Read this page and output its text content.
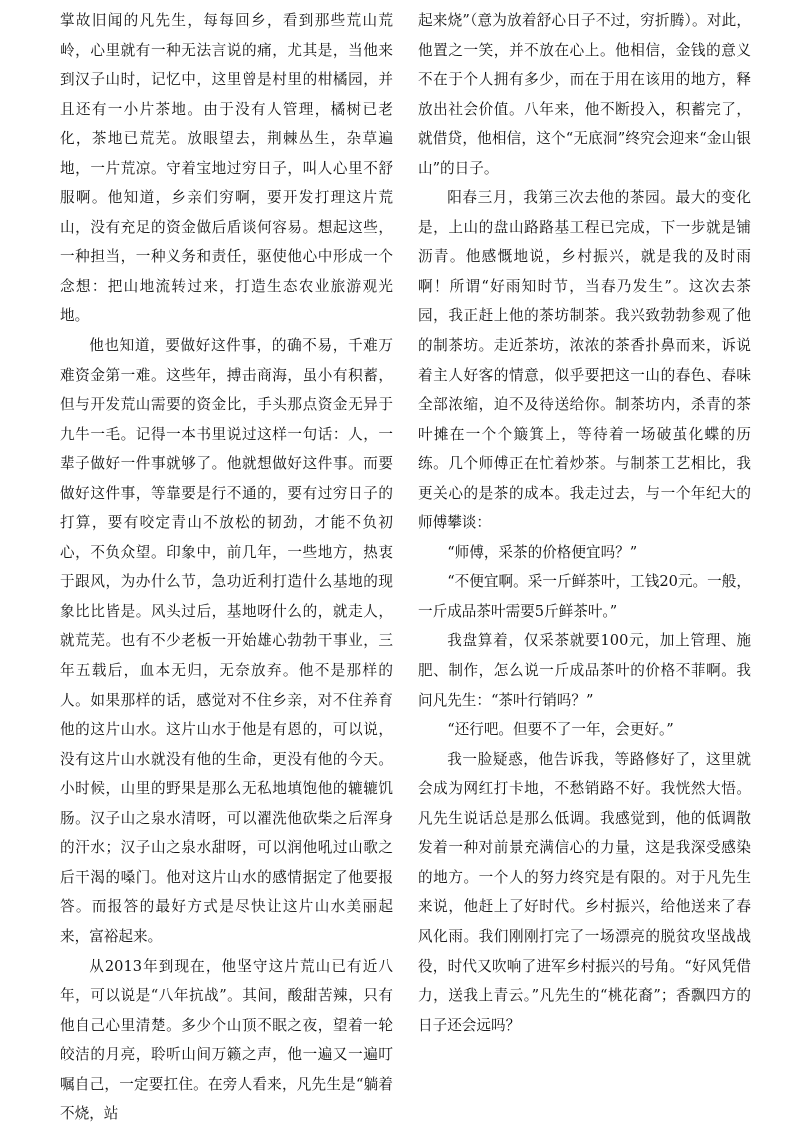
掌故旧闻的凡先生，每每回乡，看到那些荒山荒岭，心里就有一种无法言说的痛，尤其是，当他来到汉子山时，记忆中，这里曾是村里的柑橘园，并且还有一小片茶地。由于没有人管理，橘树已老化，茶地已荒芜。放眼望去，荆棘丛生，杂草遍地，一片荒凉。守着宝地过穷日子，叫人心里不舒服啊。他知道，乡亲们穷啊，要开发打理这片荒山，没有充足的资金做后盾谈何容易。想起这些，一种担当，一种义务和责任，驱使他心中形成一个念想：把山地流转过来，打造生态农业旅游观光地。

他也知道，要做好这件事，的确不易，千难万难资金第一难。这些年，搏击商海，虽小有积蓄，但与开发荒山需要的资金比，手头那点资金无异于九牛一毛。记得一本书里说过这样一句话：人，一辈子做好一件事就够了。他就想做好这件事。而要做好这件事，等靠要是行不通的，要有过穷日子的打算，要有咬定青山不放松的韧劲，才能不负初心，不负众望。印象中，前几年，一些地方，热衷于跟风，为办什么节，急功近利打造什么基地的现象比比皆是。风头过后，基地呀什么的，就走人，就荒芜。也有不少老板一开始雄心勃勃干事业，三年五载后，血本无归，无奈放弃。他不是那样的人。如果那样的话，感觉对不住乡亲，对不住养育他的这片山水。这片山水于他是有恩的，可以说，没有这片山水就没有他的生命，更没有他的今天。小时候，山里的野果是那么无私地填饱他的辘辘饥肠。汉子山之泉水清呀，可以濯洗他砍柴之后浑身的汗水；汉子山之泉水甜呀，可以润他吼过山歌之后干渴的嗓门。他对这片山水的感情据定了他要报答。而报答的最好方式是尽快让这片山水美丽起来，富裕起来。

从2013年到现在，他坚守这片荒山已有近八年，可以说是“八年抗战”。其间，酸甜苦辣，只有他自己心里清楚。多少个山顶不眠之夜，望着一轮皎洁的月亮，聆听山间万籁之声，他一遍又一遍叮嘱自己，一定要扛住。在旁人看来，凡先生是“躺着不烧，站

起来烧”（意为放着舒心日子不过，穷折腾）。对此，他置之一笑，并不放在心上。他相信，金钱的意义不在于个人拥有多少，而在于用在该用的地方，释放出社会价值。八年来，他不断投入，积蓄完了，就借贷，他相信，这个“无底洞”终究会迎来“金山银山”的日子。

阳春三月，我第三次去他的茶园。最大的变化是，上山的盘山路路基工程已完成，下一步就是铺沥青。他感慨地说，乡村振兴，就是我的及时雨啊！所谓“好雨知时节，当春乃发生”。这次去茶园，我正赶上他的茶坊制茶。我兴致勃勃参观了他的制茶坊。走近茶坊，浓浓的茶香扑鼻而来，诉说着主人好客的情意，似乎要把这一山的春色、春味全部浓缩，迫不及待送给你。制茶坊内，杀青的茶叶摊在一个个簸箕上，等待着一场破茧化蝶的历练。几个师傅正在忙着炒茶。与制茶工艺相比，我更关心的是茶的成本。我走过去，与一个年纪大的师傅攀谈：

“师傅，采茶的价格便宜吗？”

“不便宜啊。采一斤鲜茶叶，工钱20元。一般，一斤成品茶叶需要5斤鲜茶叶。”

我盘算着，仅采茶就要100元，加上管理、施肥、制作，怎么说一斤成品茶叶的价格不菲啊。我问凡先生：“茶叶行销吗？”

“还行吧。但要不了一年，会更好。”

我一脸疑惑，他告诉我，等路修好了，这里就会成为网红打卡地，不愁销路不好。我恍然大悟。凡先生说话总是那么低调。我感觉到，他的低调散发着一种对前景充满信心的力量，这是我深受感染的地方。一个人的努力终究是有限的。对于凡先生来说，他赶上了好时代。乡村振兴，给他送来了春风化雨。我们刚刚打完了一场漂亮的脱贫攻坚战战役，时代又吹响了进军乡村振兴的号角。“好风凭借力，送我上青云。”凡先生的“桃花裔”；香飘四方的日子还会远吗？
